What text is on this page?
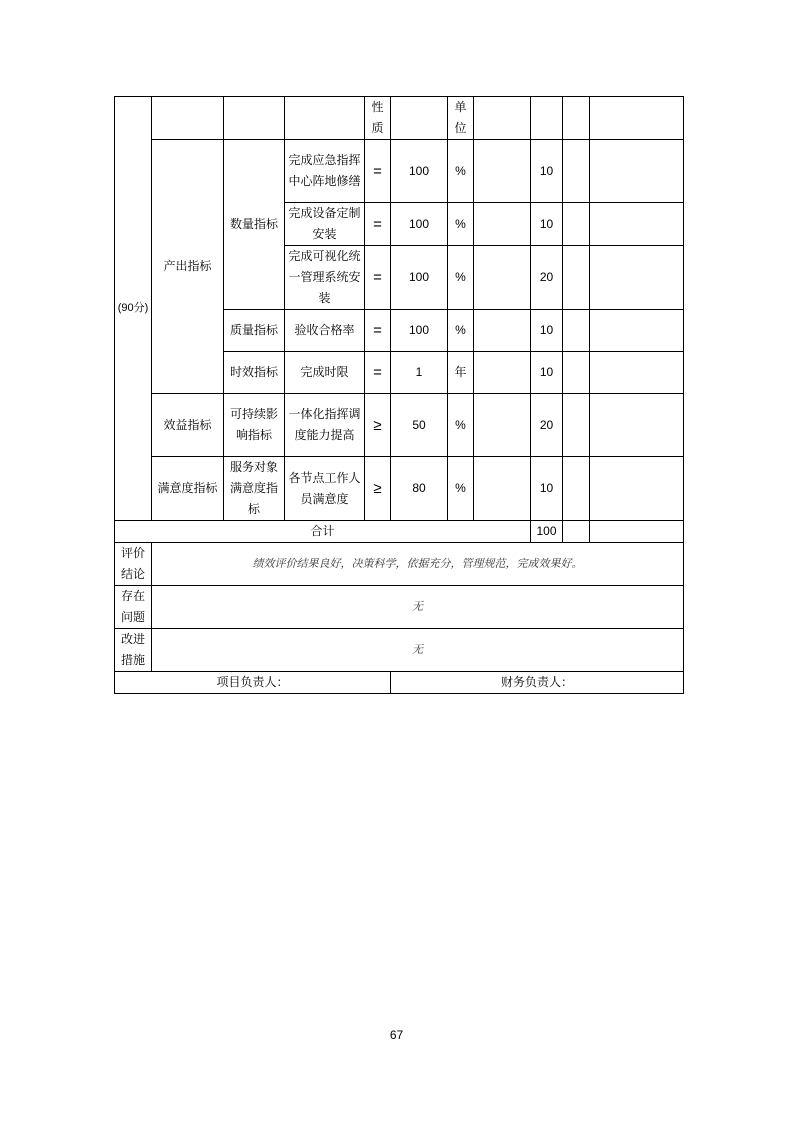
(90分)				性质		单位				
	产出指标	数量指标	完成应急指挥中心阵地修缮	=	100	%		10		
			完成设备定制安装	=	100	%		10		
			完成可视化统一管理系统安装	=	100	%		20		
		质量指标	验收合格率	=	100	%		10		
		时效指标	完成时限	=	1	年		10		
	效益指标	可持续影响指标	一体化指挥调度能力提高	≥	50	%		20		
	满意度指标	服务对象满意度指标	各节点工作人员满意度	≥	80	%		10		
合计								100		
评价结论	绩效评价结果良好，决策科学，依据充分，管理规范，完成效果好。									
存在问题	无									
改进措施	无									
项目负责人：					财务负责人：					
67
